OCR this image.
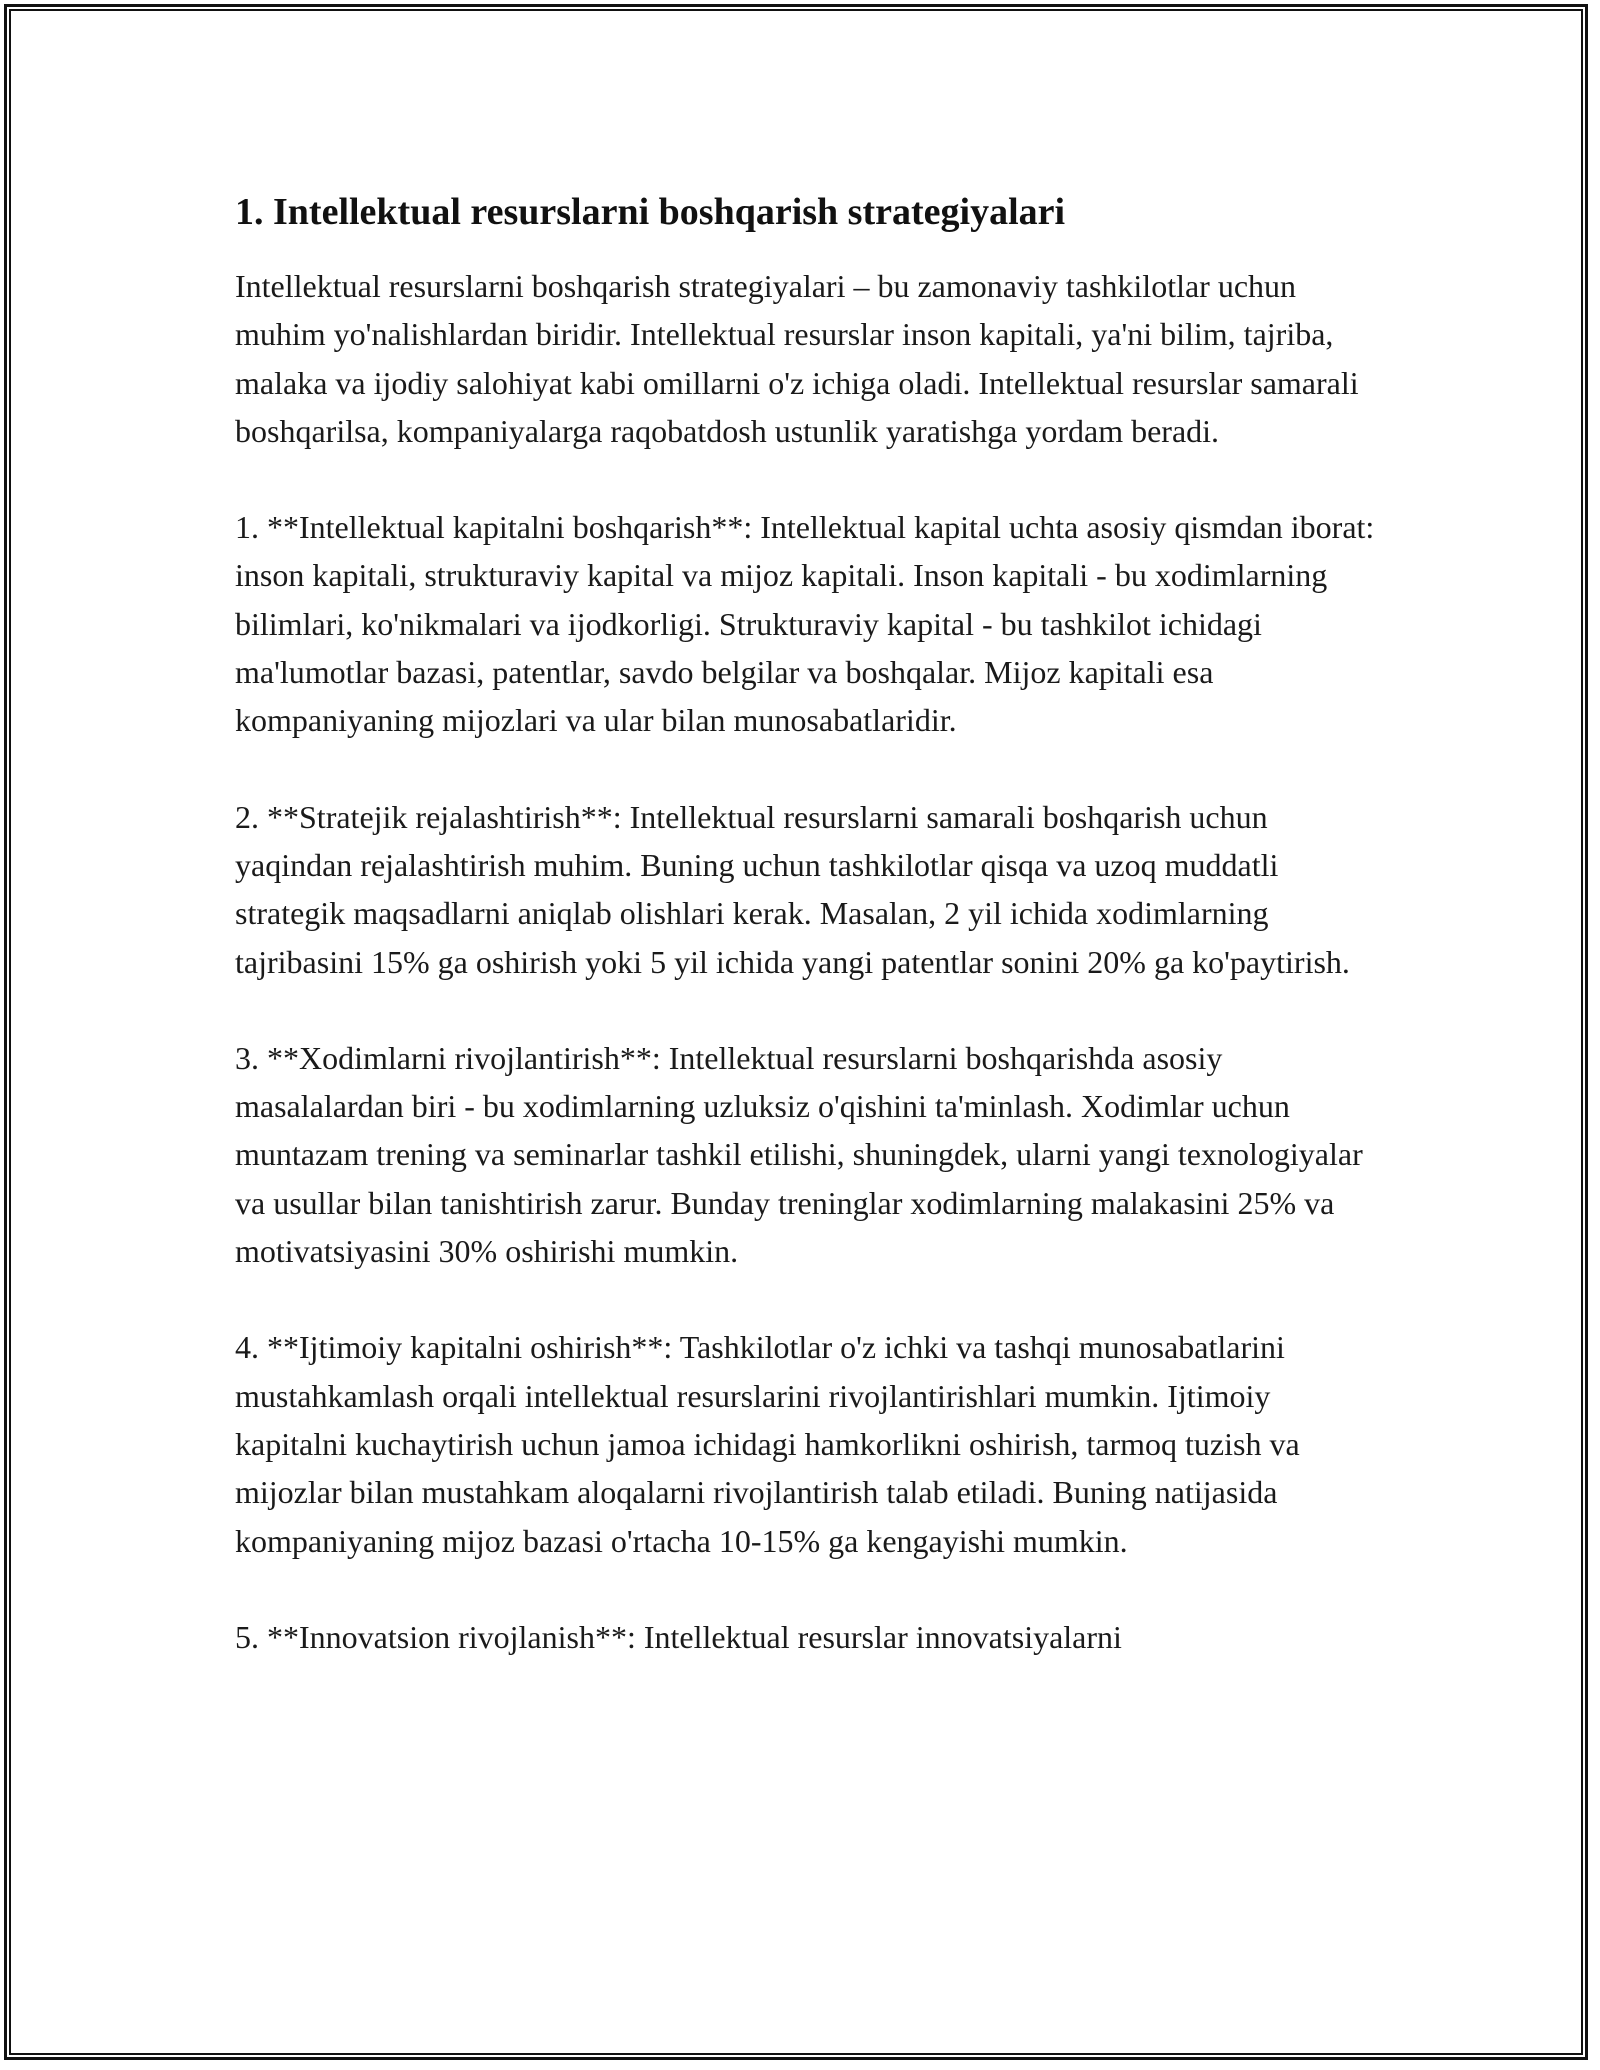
1. Intellektual resurslarni boshqarish strategiyalari

Intellektual resurslarni boshqarish strategiyalari – bu zamonaviy tashkilotlar uchun muhim yo'nalishlardan biridir. Intellektual resurslar inson kapitali, ya'ni bilim, tajriba, malaka va ijodiy salohiyat kabi omillarni o'z ichiga oladi. Intellektual resurslar samarali boshqarilsa, kompaniyalarga raqobatdosh ustunlik yaratishga yordam beradi.

1. **Intellektual kapitalni boshqarish**: Intellektual kapital uchta asosiy qismdan iborat: inson kapitali, strukturaviy kapital va mijoz kapitali. Inson kapitali - bu xodimlarning bilimlari, ko'nikmalari va ijodkorligi. Strukturaviy kapital - bu tashkilot ichidagi ma'lumotlar bazasi, patentlar, savdo belgilar va boshqalar. Mijoz kapitali esa kompaniyaning mijozlari va ular bilan munosabatlaridir.

2. **Stratejik rejalashtirish**: Intellektual resurslarni samarali boshqarish uchun yaqindan rejalashtirish muhim. Buning uchun tashkilotlar qisqa va uzoq muddatli strategik maqsadlarni aniqlab olishlari kerak. Masalan, 2 yil ichida xodimlarning tajribasini 15% ga oshirish yoki 5 yil ichida yangi patentlar sonini 20% ga ko'paytirish.

3. **Xodimlarni rivojlantirish**: Intellektual resurslarni boshqarishda asosiy masalalardan biri - bu xodimlarning uzluksiz o'qishini ta'minlash. Xodimlar uchun muntazam trening va seminarlar tashkil etilishi, shuningdek, ularni yangi texnologiyalar va usullar bilan tanishtirish zarur. Bunday treninglar xodimlarning malakasini 25% va motivatsiyasini 30% oshirishi mumkin.

4. **Ijtimoiy kapitalni oshirish**: Tashkilotlar o'z ichki va tashqi munosabatlarini mustahkamlash orqali intellektual resurslarini rivojlantirishlari mumkin. Ijtimoiy kapitalni kuchaytirish uchun jamoa ichidagi hamkorlikni oshirish, tarmoq tuzish va mijozlar bilan mustahkam aloqalarni rivojlantirish talab etiladi. Buning natijasida kompaniyaning mijoz bazasi o'rtacha 10-15% ga kengayishi mumkin.

5. **Innovatsion rivojlanish**: Intellektual resurslar innovatsiyalarni
